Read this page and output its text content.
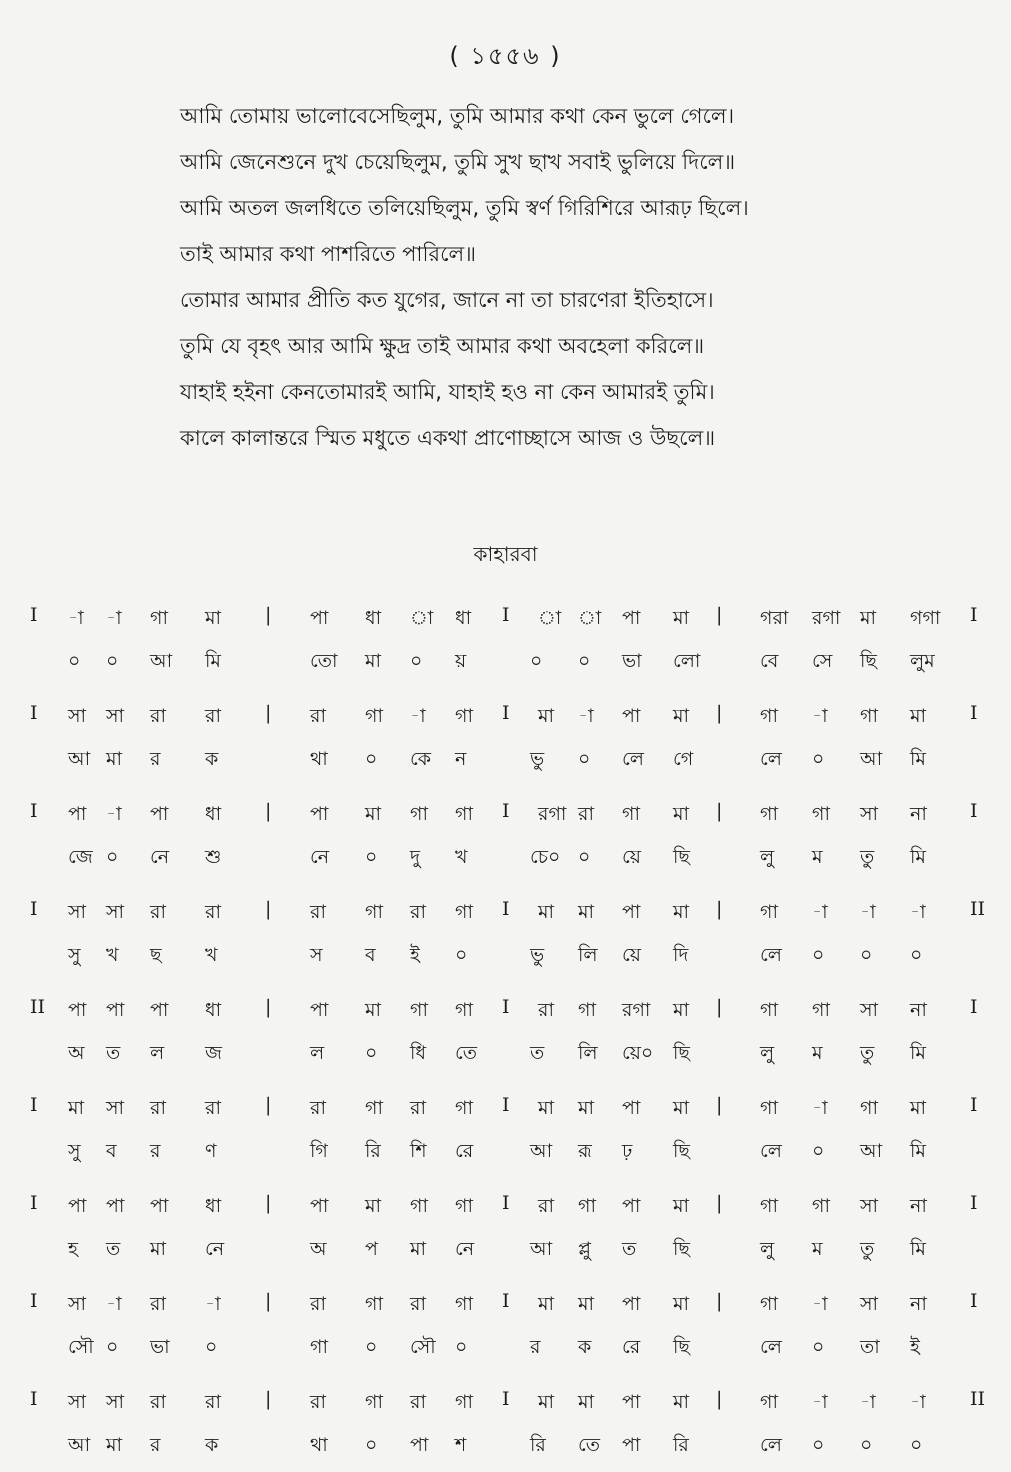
( ১৫৫৬ )
আমি তোমায় ভালোবেসেছিলুম, তুমি আমার কথা কেন ভুলে গেলে।
আমি জেনেশুনে দুখ চেয়েছিলুম, তুমি সুখ ছাখ সবাই ভুলিয়ে দিলে॥
আমি অতল জলধিতে তলিয়েছিলুম, তুমি স্বর্ণ গিরিশিরে আরূঢ় ছিলে।
তাই আমার কথা পাশরিতে পারিলে॥
তোমার আমার প্রীতি কত যুগের, জানে না তা চারণেরা ইতিহাসে।
তুমি যে বৃহৎ আর আমি ক্ষুদ্র তাই আমার কথা অবহেলা করিলে॥
যাহাই হইনা কেনতোমারই আমি, যাহাই হও না কেন আমারই তুমি।
কালে কালান্তরে স্মিত মধুতে একথা প্রাণোচ্ছাসে আজ ও উছলে॥
কাহারবা
I -া -া গা মা | পা ধা া ধা I া া পা মা | গরা রগা মা গগা I
০ ০ আ মি	তো মা ০ য়	০ ০ ভা লো	বে সে ছি লুম
I সা সা রা রা | রা গা -া গা I মা -া পা মা | গা -া গা মা I
আ মা র ক	থা ০ কে ন	ভু ০ লে গে	লে ০ আ মি
I পা -া পা ধা | পা মা গা গা I রগা রা গা মা | গা গা সা না I
জে ০ নে শু	নে ০ দু খ	চে০ ০ য়ে ছি	লু ম তু মি
I সা সা রা রা | রা গা রা গা I মা মা পা মা | গা -া -া -া II
সু খ ছ খ	স ব ই ০	ভু লি য়ে দি	লে ০ ০ ০
II পা পা পা ধা | পা মা গা গা I রা গা রগা মা | গা গা সা না I
অ ত ল জ	ল ০ ধি তে	ত লি য়ে০ ছি	লু ম তু মি
I মা সা রা রা | রা গা রা গা I মা মা পা মা | গা -া গা মা I
সু ব র ণ	গি রি শি রে	আ রূ ঢ় ছি	লে ০ আ মি
I পা পা পা ধা | পা মা গা গা I রা গা পা মা | গা গা সা না I
হ ত মা নে	অ প মা নে	আ প্লু ত ছি	লু ম তু মি
I সা -া রা -া | রা গা রা গা I মা মা পা মা | গা -া সা না I
সৌ ০ ভা ০	গা ০ সৌ ০	র ক রে ছি	লে ০ তা ই
I সা সা রা রা | রা গা রা গা I মা মা পা মা | গা -া -া -া II
আ মা র ক	থা ০ পা শ	রি তে পা রি	লে ০ ০ ০
